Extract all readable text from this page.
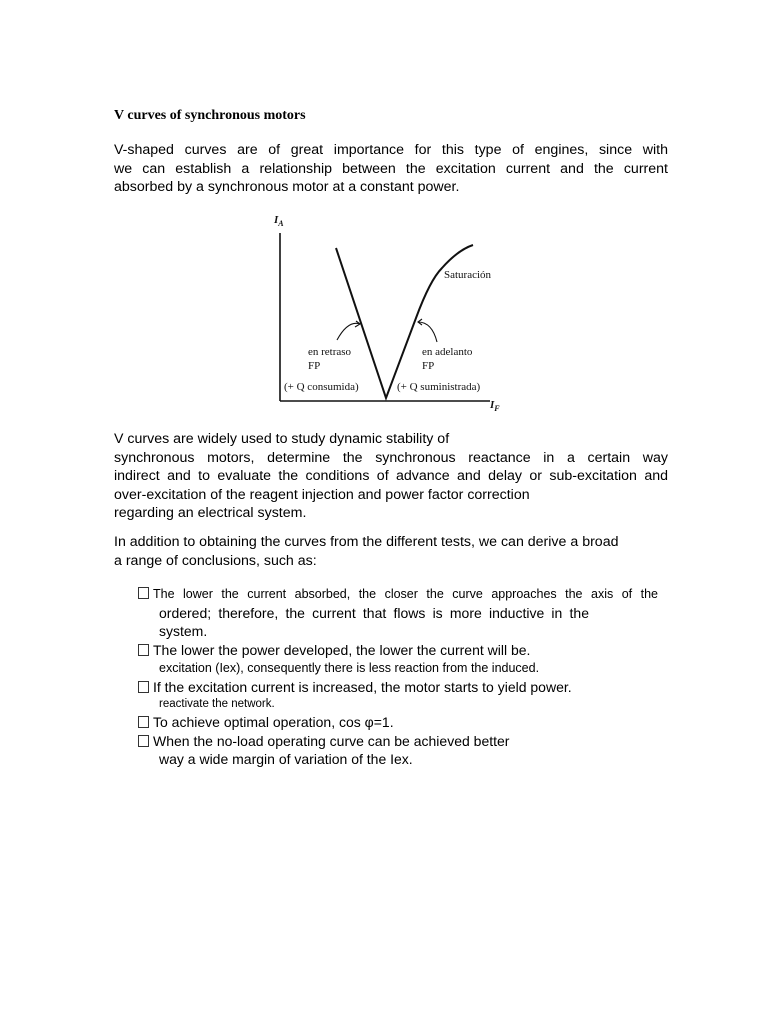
V curves of synchronous motors

V-shaped curves are of great importance for this type of engines, since with
we can establish a relationship between the excitation current and the current
absorbed by a synchronous motor at a constant power.

$I_A$
$I_F$
Saturación
en retraso
FP
en adelanto
FP
(+ Q consumida)	(+ Q suministrada)

V curves are widely used to study dynamic stability of
synchronous motors, determine the synchronous reactance in a certain way
indirect and to evaluate the conditions of advance and delay or sub-excitation and
over-excitation of the reagent injection and power factor correction
regarding an electrical system.

In addition to obtaining the curves from the different tests, we can derive a broad
a range of conclusions, such as:

The lower the current absorbed, the closer the curve approaches the axis of the
ordered; therefore, the current that flows is more inductive in the
system.
The lower the power developed, the lower the current will be.
excitation (Iex), consequently there is less reaction from the induced.
If the excitation current is increased, the motor starts to yield power.
reactivate the network.
To achieve optimal operation, cos φ=1.
When the no-load operating curve can be achieved better
way a wide margin of variation of the Iex.
